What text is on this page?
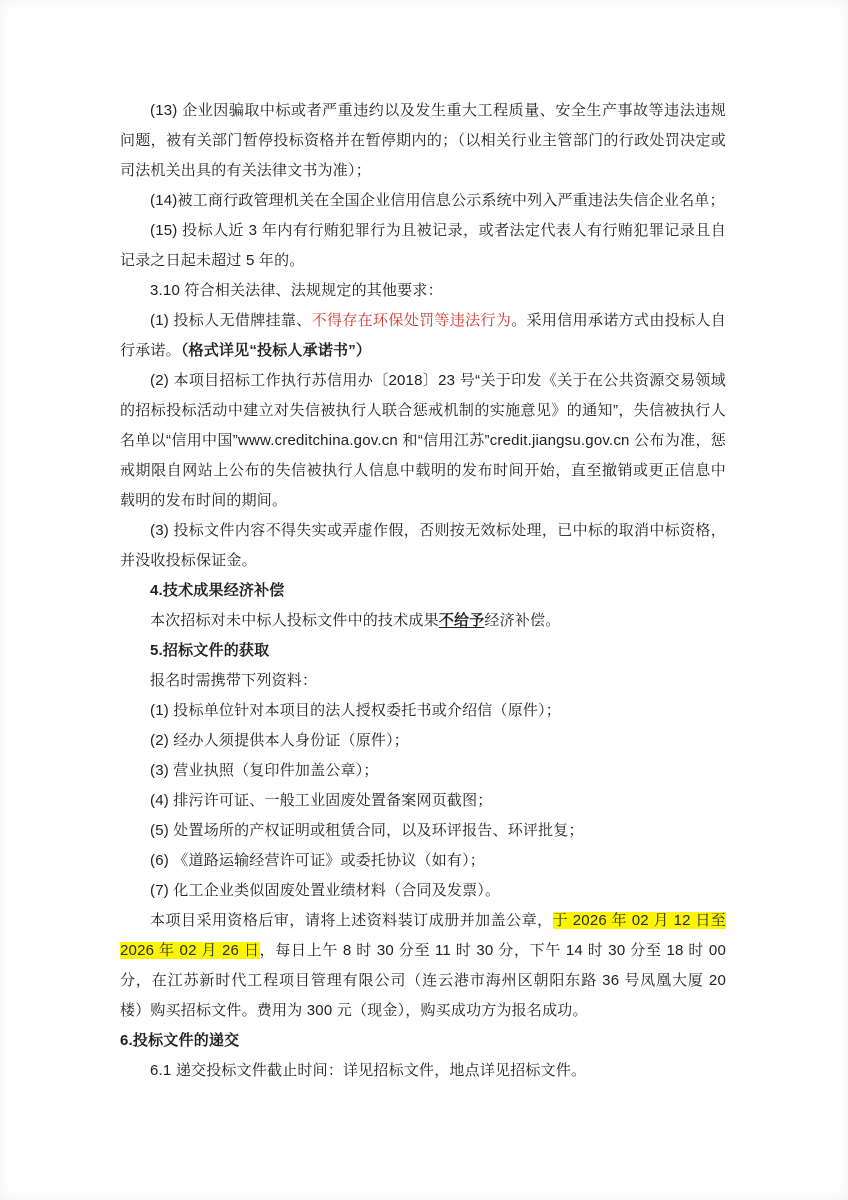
(13) 企业因骗取中标或者严重违约以及发生重大工程质量、安全生产事故等违法违规问题，被有关部门暂停投标资格并在暂停期内的；（以相关行业主管部门的行政处罚决定或司法机关出具的有关法律文书为准）；

(14)被工商行政管理机关在全国企业信用信息公示系统中列入严重违法失信企业名单；

(15) 投标人近 3 年内有行贿犯罪行为且被记录，或者法定代表人有行贿犯罪记录且自记录之日起未超过 5 年的。

3.10 符合相关法律、法规规定的其他要求：

(1) 投标人无借牌挂靠、不得存在环保处罚等违法行为。采用信用承诺方式由投标人自行承诺。（格式详见“投标人承诺书”）

(2) 本项目招标工作执行苏信用办〔2018〕23 号“关于印发《关于在公共资源交易领域的招标投标活动中建立对失信被执行人联合惩戒机制的实施意见》的通知”，失信被执行人名单以“信用中国”www.creditchina.gov.cn 和“信用江苏”credit.jiangsu.gov.cn 公布为准，惩戒期限自网站上公布的失信被执行人信息中载明的发布时间开始，直至撤销或更正信息中载明的发布时间的期间。

(3) 投标文件内容不得失实或弄虚作假，否则按无效标处理，已中标的取消中标资格，并没收投标保证金。

4.技术成果经济补偿

本次招标对未中标人投标文件中的技术成果不给予经济补偿。

5.招标文件的获取

报名时需携带下列资料：

(1) 投标单位针对本项目的法人授权委托书或介绍信（原件）；

(2) 经办人须提供本人身份证（原件）；

(3) 营业执照（复印件加盖公章）；

(4) 排污许可证、一般工业固废处置备案网页截图；

(5) 处置场所的产权证明或租赁合同，以及环评报告、环评批复；

(6) 《道路运输经营许可证》或委托协议（如有）；

(7) 化工企业类似固废处置业绩材料（合同及发票）。

本项目采用资格后审，请将上述资料装订成册并加盖公章，于 2026 年 02 月 12 日至 2026 年 02 月 26 日，每日上午 8 时 30 分至 11 时 30 分，下午 14 时 30 分至 18 时 00 分，在江苏新时代工程项目管理有限公司（连云港市海州区朝阳东路 36 号凤凰大厦 20 楼）购买招标文件。费用为 300 元（现金），购买成功方为报名成功。

6.投标文件的递交

6.1 递交投标文件截止时间：详见招标文件，地点详见招标文件。
